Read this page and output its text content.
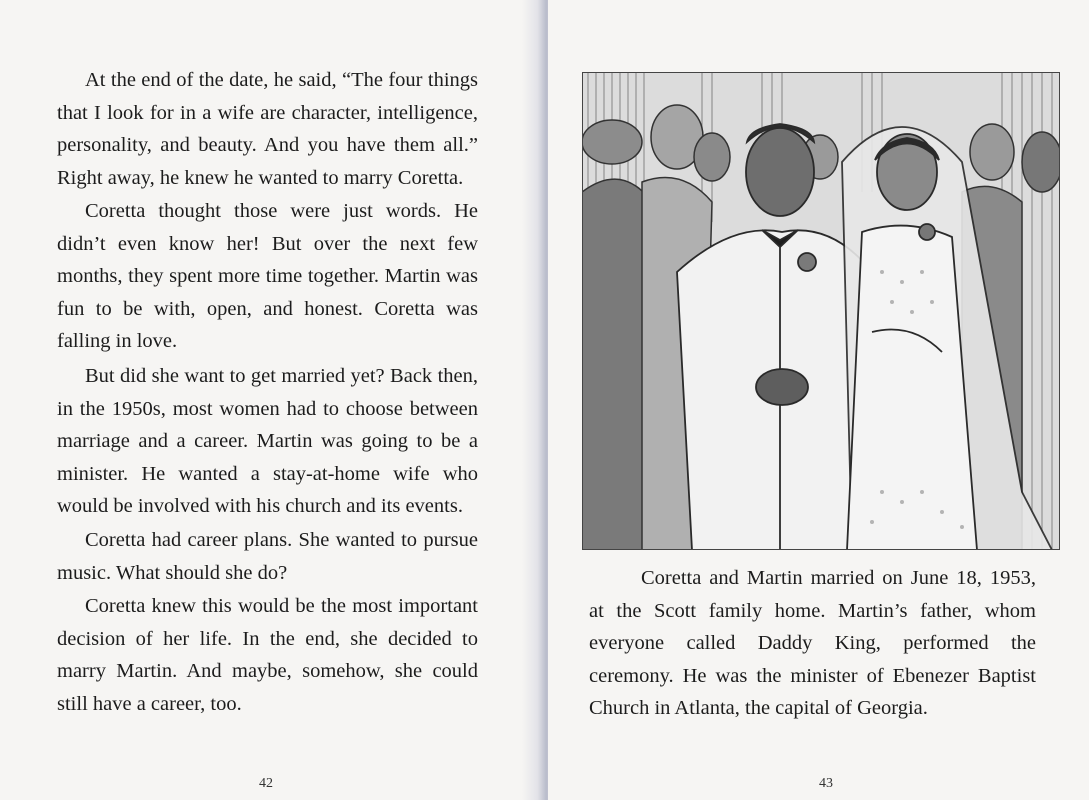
At the end of the date, he said, “The four things that I look for in a wife are character, intelligence, personality, and beauty. And you have them all.” Right away, he knew he wanted to marry Coretta.

Coretta thought those were just words. He didn’t even know her! But over the next few months, they spent more time together. Martin was fun to be with, open, and honest. Coretta was falling in love.

But did she want to get married yet? Back then, in the 1950s, most women had to choose between marriage and a career. Martin was going to be a minister. He wanted a stay-at-home wife who would be involved with his church and its events.

Coretta had career plans. She wanted to pursue music. What should she do?

Coretta knew this would be the most important decision of her life. In the end, she decided to marry Martin. And maybe, somehow, she could still have a career, too.

42

Coretta and Martin married on June 18, 1953, at the Scott family home. Martin’s father, whom everyone called Daddy King, performed the ceremony. He was the minister of Ebenezer Baptist Church in Atlanta, the capital of Georgia.

43
